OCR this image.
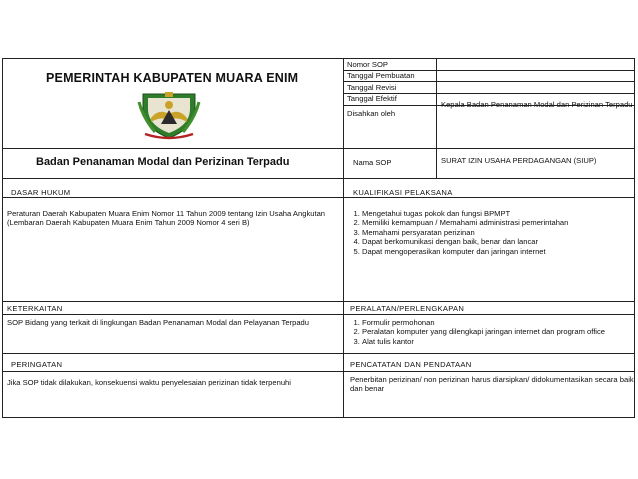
PEMERINTAH KABUPATEN MUARA ENIM
Badan Penanaman Modal dan Perizinan Terpadu
Nomor SOP
Tanggal Pembuatan
Tanggal Revisi
Tanggal Efektif
Disahkan oleh
Kepala Badan Penanaman Modal dan Perizinan Terpadu
Nama SOP	SURAT IZIN USAHA PERDAGANGAN (SIUP)
DASAR HUKUM	KUALIFIKASI PELAKSANA
Peraturan Daerah Kabupaten Muara Enim Nomor 11 Tahun 2009 tentang Izin Usaha Angkutan (Lembaran Daerah Kabupaten Muara Enim Tahun 2009 Nomor 4 seri B)
1. Mengetahui tugas pokok dan fungsi BPMPT
2. Memiliki kemampuan / Memahami administrasi pemerintahan
3. Memahami persyaratan perizinan
4. Dapat berkomunikasi dengan baik, benar dan lancar
5. Dapat mengoperasikan komputer dan jaringan internet
KETERKAITAN	PERALATAN/PERLENGKAPAN
SOP Bidang yang terkait di lingkungan Badan Penanaman Modal dan Pelayanan Terpadu
1.	Formulir permohonan
2. Peralatan komputer yang dilengkapi jaringan internet dan program office
3. Alat tulis kantor
PERINGATAN	PENCATATAN DAN PENDATAAN
Jika SOP tidak dilakukan, konsekuensi waktu penyelesaian perizinan tidak terpenuhi	Penerbitan perizinan/ non perizinan harus diarsipkan/ didokumentasikan secara baik dan benar
